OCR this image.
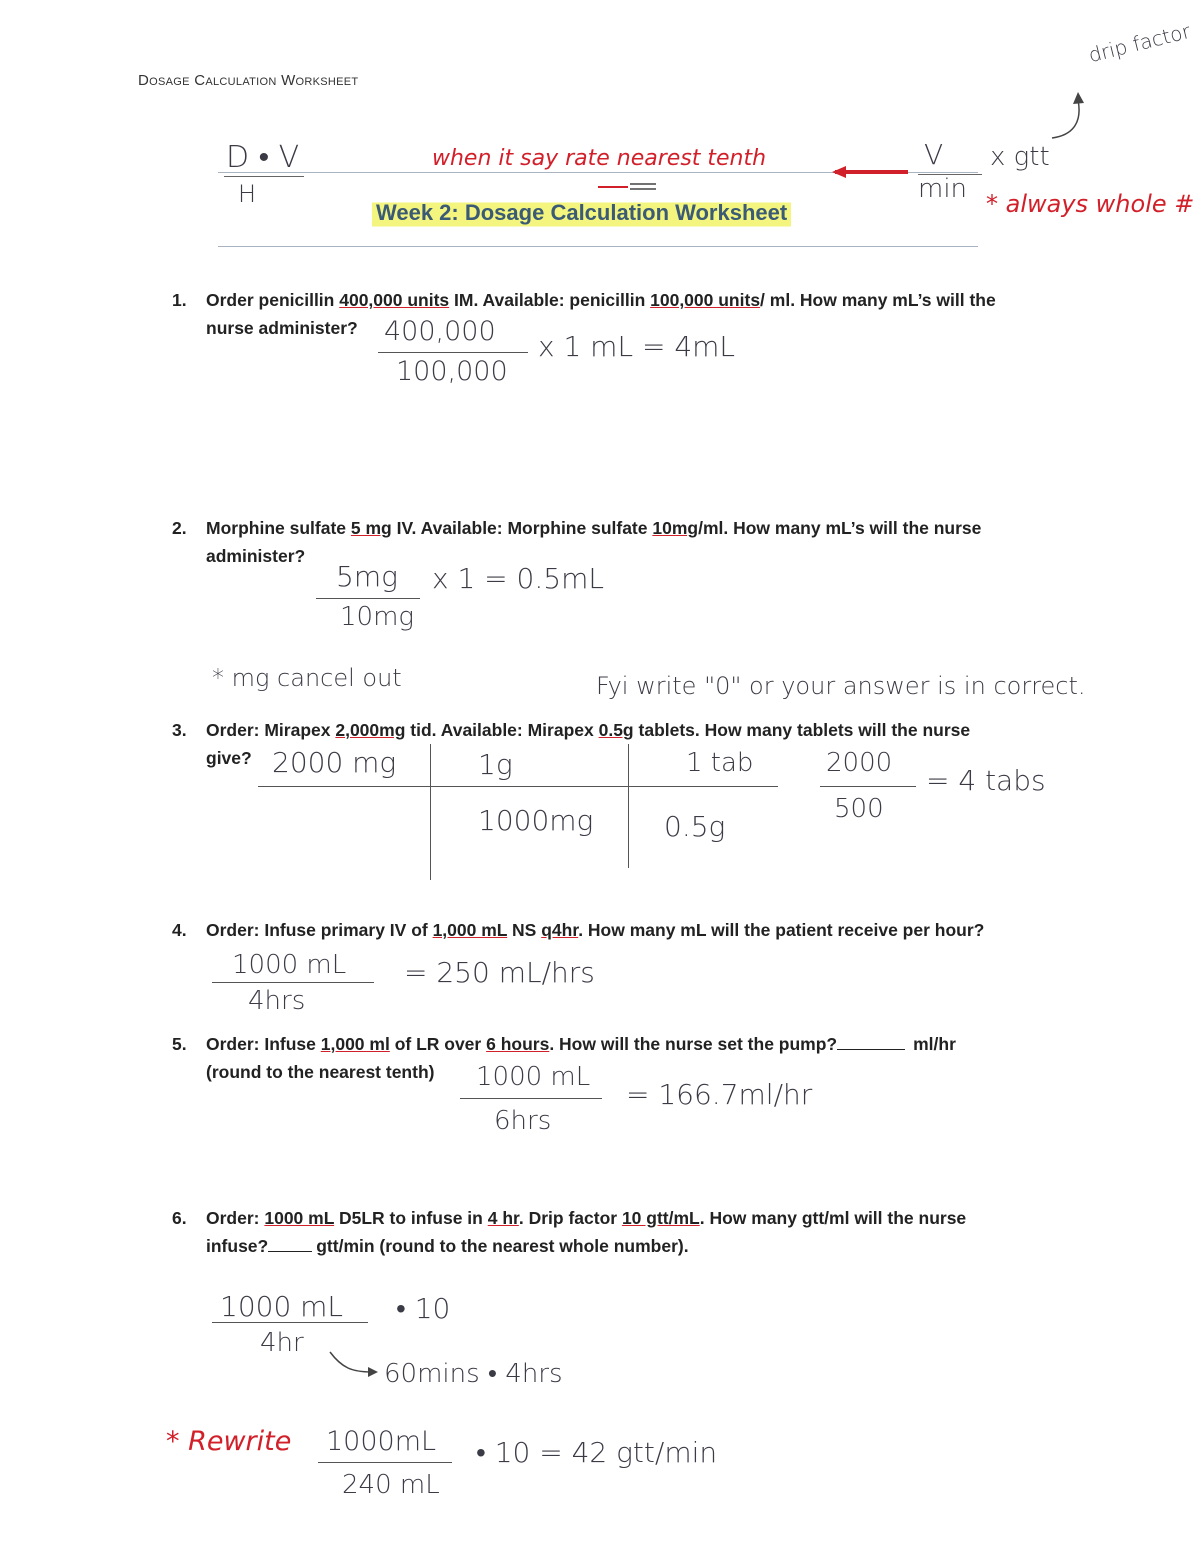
Dosage Calculation Worksheet
D • V
H
when it say rate nearest tenth	V x gtt
min
drip factor
* always whole #
Week 2: Dosage Calculation Worksheet
1. Order penicillin 400,000 units IM. Available: penicillin 100,000 units/ ml. How many mL’s will the
nurse administer? 400,000
100,000
x 1 mL = 4mL
2. Morphine sulfate 5 mg IV. Available: Morphine sulfate 10mg/ml. How many mL’s will the nurse
administer?
5mg
10mg
x 1 = 0.5mL
* mg cancel out	Fyi write "0" or your answer is in correct.
3. Order: Mirapex 2,000mg tid. Available: Mirapex 0.5g tablets. How many tablets will the nurse
give? 2000 mg	1g
1000mg
1 tab
0.5g
2000
500
= 4 tabs
4. Order: Infuse primary IV of 1,000 mL NS q4hr. How many mL will the patient receive per hour?
1000 mL
4hrs
= 250 mL/hrs
5. Order: Infuse 1,000 ml of LR over 6 hours. How will the nurse set the pump?	ml/hr
(round to the nearest tenth)	1000 mL
6hrs
= 166.7ml/hr
6. Order: 1000 mL D5LR to infuse in 4 hr. Drip factor 10 gtt/mL. How many gtt/ml will the nurse
infuse?	gtt/min (round to the nearest whole number).
1000 mL
4hr
• 10
60mins • 4hrs
* Rewrite 1000mL
240 mL
• 10 = 42 gtt/min
